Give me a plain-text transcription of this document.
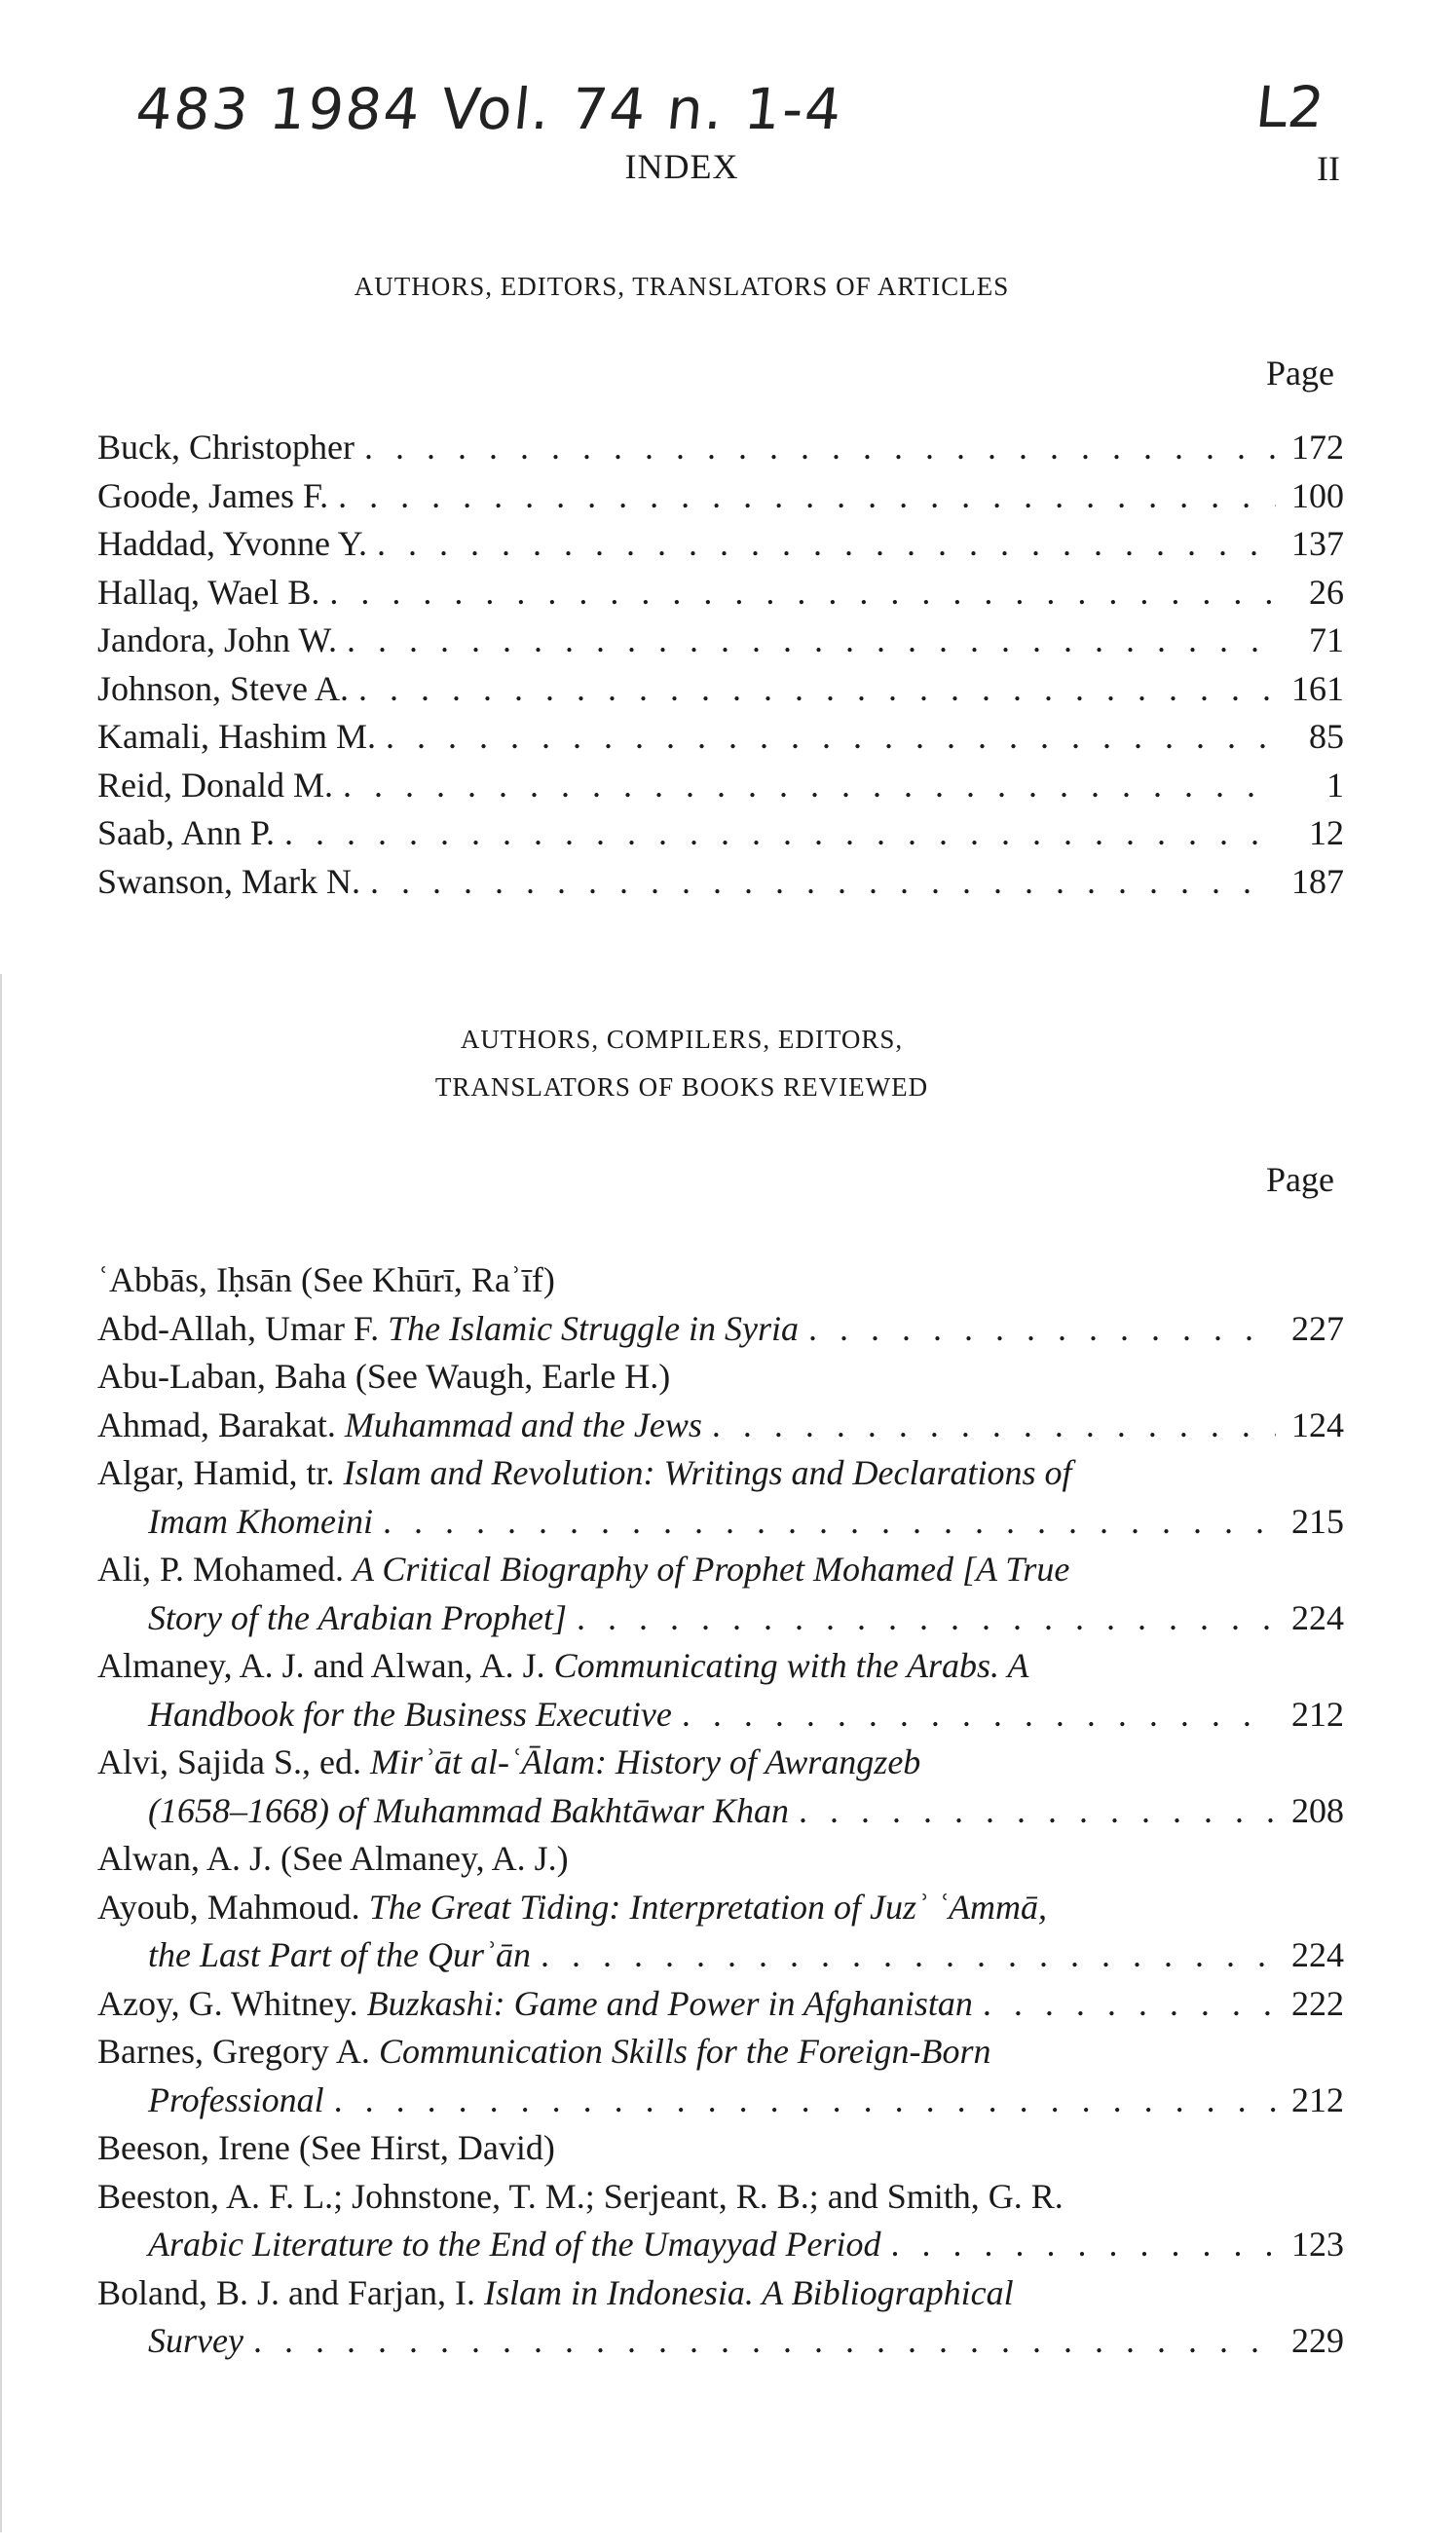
483 1984 Vol. 74 n. 1-4	L2
INDEX	II
AUTHORS, EDITORS, TRANSLATORS OF ARTICLES
Page
Buck, Christopher . . .	172
Goode, James F. . . .	100
Haddad, Yvonne Y. . . .	137
Hallaq, Wael B. . . .	26
Jandora, John W. . . .	71
Johnson, Steve A. . . .	161
Kamali, Hashim M. . . .	85
Reid, Donald M. . . .	1
Saab, Ann P. . . .	12
Swanson, Mark N. . . .	187
AUTHORS, COMPILERS, EDITORS,
TRANSLATORS OF BOOKS REVIEWED
Page
ʿAbbās, Iḥsān (See Khūrī, Raʾīf)
Abd-Allah, Umar F.
The Islamic Struggle in Syria . . .	227
Abu-Laban, Baha (See Waugh, Earle H.)
Ahmad, Barakat.
Muhammad and the Jews . . .	124
Algar, Hamid, tr.
Islam and Revolution: Writings and Declarations of
Imam Khomeini . . .	215
Ali, P. Mohamed.
A Critical Biography of Prophet Mohamed [A True
Story of the Arabian Prophet] . . .	224
Almaney, A. J. and Alwan, A. J.
Communicating with the Arabs. A
Handbook for the Business Executive . . .	212
Alvi, Sajida S., ed.
Mirʾāt al-ʿĀlam: History of Awrangzeb
(1658–1668) of Muhammad Bakhtāwar Khan . . .	208
Alwan, A. J. (See Almaney, A. J.)
Ayoub, Mahmoud.
The Great Tiding: Interpretation of Juzʾ ʿAmmā,
the Last Part of the Qurʾān . . .	224
Azoy, G. Whitney.
Buzkashi: Game and Power in Afghanistan . . .	222
Barnes, Gregory A.
Communication Skills for the Foreign-Born
Professional . . .	212
Beeson, Irene (See Hirst, David)
Beeston, A. F. L.; Johnstone, T. M.; Serjeant, R. B.; and Smith, G. R.
Arabic Literature to the End of the Umayyad Period . . .	123
Boland, B. J. and Farjan, I.
Islam in Indonesia. A Bibliographical
Survey . . .	229
